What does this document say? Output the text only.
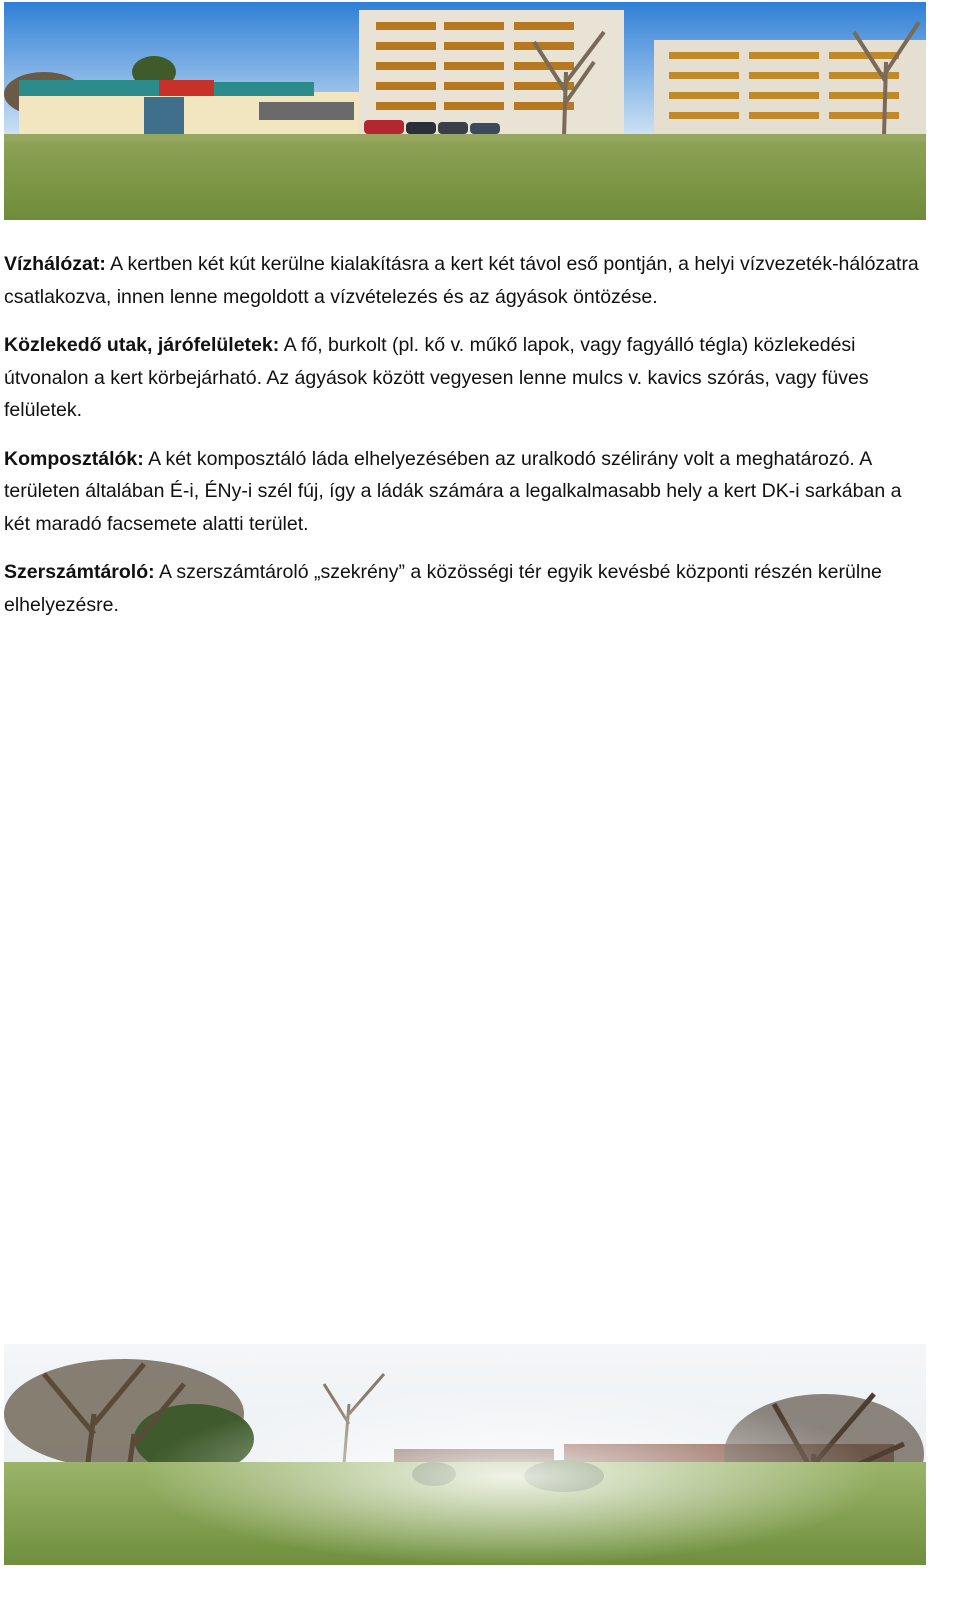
Vízhálózat: A kertben két kút kerülne kialakításra a kert két távol eső pontján, a helyi vízvezeték-hálózatra csatlakozva, innen lenne megoldott a vízvételezés és az ágyások öntözése.

Közlekedő utak, járófelületek: A fő, burkolt (pl. kő v. műkő lapok, vagy fagyálló tégla) közlekedési útvonalon a kert körbejárható. Az ágyások között vegyesen lenne mulcs v. kavics szórás, vagy füves felületek.

Komposztálók: A két komposztáló láda elhelyezésében az uralkodó szélirány volt a meghatározó. A területen általában É-i, ÉNy-i szél fúj, így a ládák számára a legalkalmasabb hely a kert DK-i sarkában a két maradó facsemete alatti terület.

Szerszámtároló: A szerszámtároló „szekrény” a közösségi tér egyik kevésbé központi részén kerülne elhelyezésre.
